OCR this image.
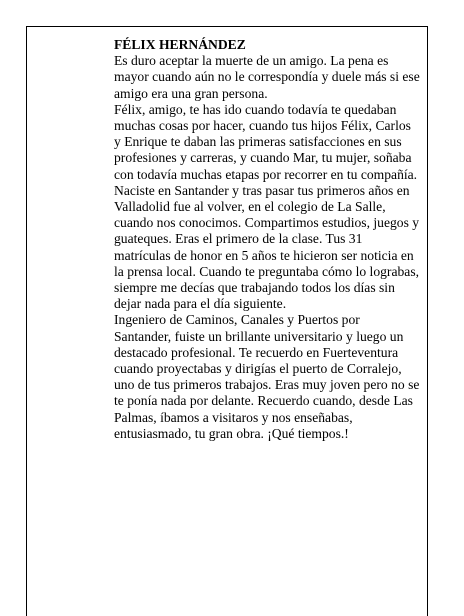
FÉLIX HERNÁNDEZ

Es duro aceptar la muerte de un amigo. La pena es
mayor cuando aún no le correspondía y duele más si ese
amigo era una gran persona.

Félix, amigo, te has ido cuando todavía te quedaban
muchas cosas por hacer, cuando tus hijos Félix, Carlos
y Enrique te daban las primeras satisfacciones en sus
profesiones y carreras, y cuando Mar, tu mujer, soñaba
con todavía muchas etapas por recorrer en tu compañía.

Naciste en Santander y tras pasar tus primeros años en
Valladolid fue al volver, en el colegio de La Salle,
cuando nos conocimos. Compartimos estudios, juegos y
guateques. Eras el primero de la clase. Tus 31
matrículas de honor en 5 años te hicieron ser noticia en
la prensa local. Cuando te preguntaba cómo lo lograbas,
siempre me decías que trabajando todos los días sin
dejar nada para el día siguiente.

Ingeniero de Caminos, Canales y Puertos por
Santander, fuiste un brillante universitario y luego un
destacado profesional. Te recuerdo en Fuerteventura
cuando proyectabas y dirigías el puerto de Corralejo,
uno de tus primeros trabajos. Eras muy joven pero no se
te ponía nada por delante. Recuerdo cuando, desde Las
Palmas, íbamos a visitaros y nos enseñabas,
entusiasmado, tu gran obra. ¡Qué tiempos.!
